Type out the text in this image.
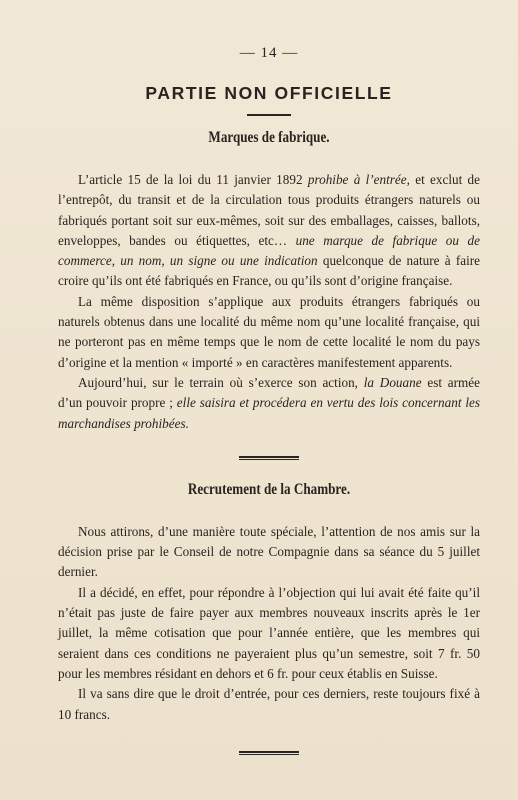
— 14 —
PARTIE NON OFFICIELLE
Marques de fabrique.

L’article 15 de la loi du 11 janvier 1892 prohibe à l’entrée, et exclut de l’entrepôt, du transit et de la circulation tous produits étrangers naturels ou fabriqués portant soit sur eux-mêmes, soit sur des emballages, caisses, ballots, enveloppes, bandes ou étiquettes, etc… une marque de fabrique ou de commerce, un nom, un signe ou une indication quelconque de nature à faire croire qu’ils ont été fabriqués en France, ou qu’ils sont d’origine française.

La même disposition s’applique aux produits étrangers fabriqués ou naturels obtenus dans une localité du même nom qu’une localité française, qui ne porteront pas en même temps que le nom de cette localité le nom du pays d’origine et la mention « importé » en caractères manifestement apparents.

Aujourd’hui, sur le terrain où s’exerce son action, la Douane est armée d’un pouvoir propre ; elle saisira et procédera en vertu des lois concernant les marchandises prohibées.

Recrutement de la Chambre.

Nous attirons, d’une manière toute spéciale, l’attention de nos amis sur la décision prise par le Conseil de notre Compagnie dans sa séance du 5 juillet dernier.

Il a décidé, en effet, pour répondre à l’objection qui lui avait été faite qu’il n’était pas juste de faire payer aux membres nouveaux inscrits après le 1er juillet, la même cotisation que pour l’année entière, que les membres qui seraient dans ces conditions ne payeraient plus qu’un semestre, soit 7 fr. 50 pour les membres résidant en dehors et 6 fr. pour ceux établis en Suisse.

Il va sans dire que le droit d’entrée, pour ces derniers, reste toujours fixé à 10 francs.
